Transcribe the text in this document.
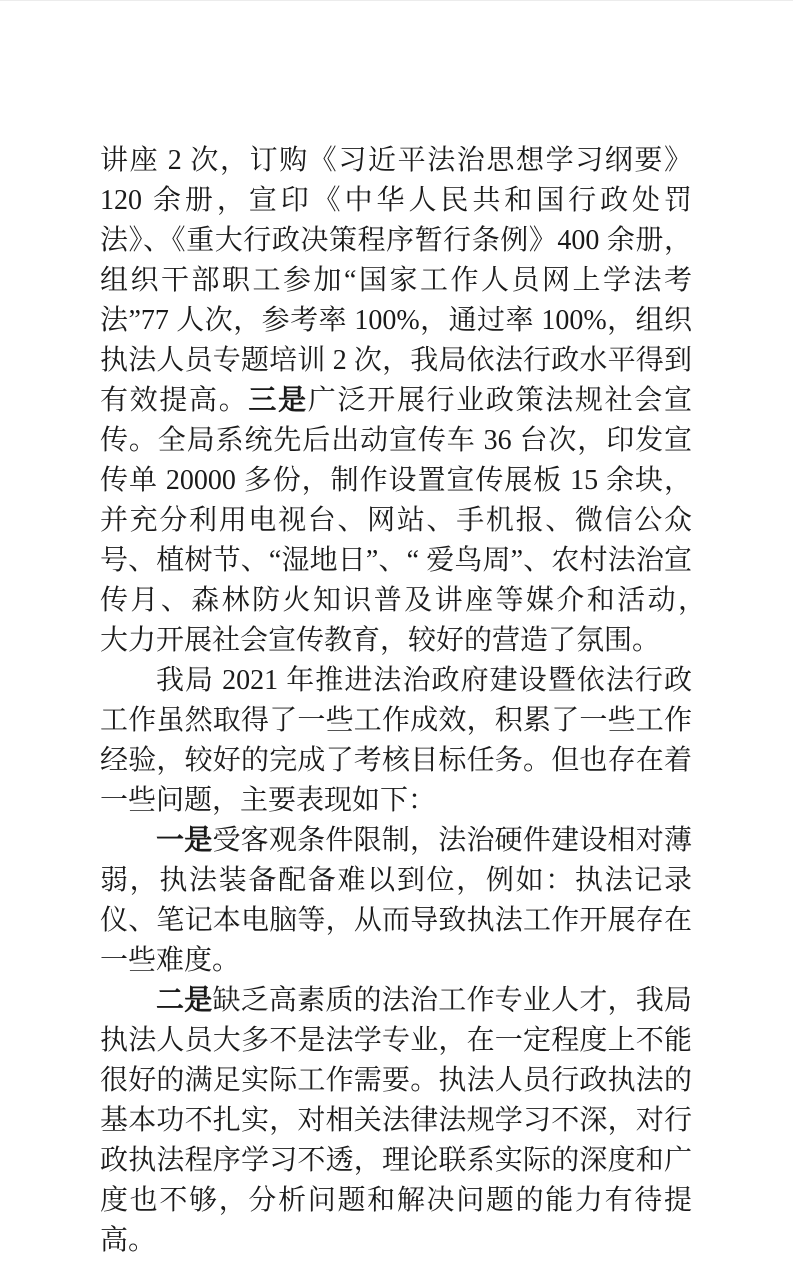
讲座 2 次，订购《习近平法治思想学习纲要》120 余册，宣印《中华人民共和国行政处罚法》、《重大行政决策程序暂行条例》400 余册，组织干部职工参加“国家工作人员网上学法考法”77 人次，参考率 100%，通过率 100%，组织执法人员专题培训 2 次，我局依法行政水平得到有效提高。三是广泛开展行业政策法规社会宣传。全局系统先后出动宣传车 36 台次，印发宣传单 20000 多份，制作设置宣传展板 15 余块，并充分利用电视台、网站、手机报、微信公众号、植树节、“湿地日”、“ 爱鸟周”、农村法治宣传月、森林防火知识普及讲座等媒介和活动，　大力开展社会宣传教育，较好的营造了氛围。

我局 2021 年推进法治政府建设暨依法行政工作虽然取得了一些工作成效，积累了一些工作经验，较好的完成了考核目标任务。但也存在着一些问题，主要表现如下：

一是受客观条件限制，法治硬件建设相对薄弱，执法装备配备难以到位，例如：执法记录仪、笔记本电脑等，从而导致执法工作开展存在一些难度。

二是缺乏高素质的法治工作专业人才，我局执法人员大多不是法学专业，在一定程度上不能很好的满足实际工作需要。执法人员行政执法的基本功不扎实，对相关法律法规学习不深，对行政执法程序学习不透，理论联系实际的深度和广度也不够，分析问题和解决问题的能力有待提高。
